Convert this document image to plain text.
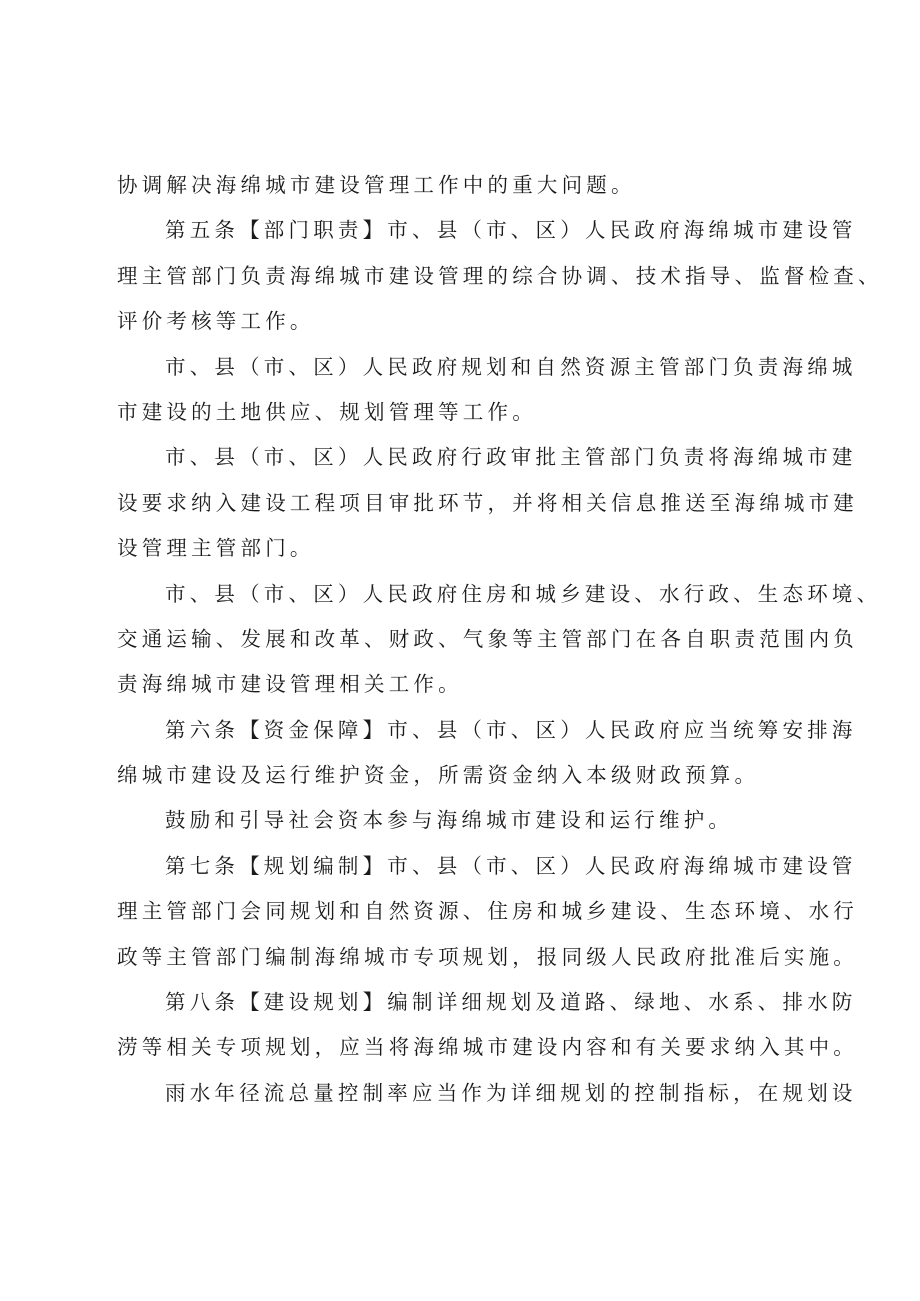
协调解决海绵城市建设管理工作中的重大问题。
第五条【部门职责】市、县（市、区）人民政府海绵城市建设管
理主管部门负责海绵城市建设管理的综合协调、技术指导、监督检查、
评价考核等工作。
市、县（市、区）人民政府规划和自然资源主管部门负责海绵城
市建设的土地供应、规划管理等工作。
市、县（市、区）人民政府行政审批主管部门负责将海绵城市建
设要求纳入建设工程项目审批环节，并将相关信息推送至海绵城市建
设管理主管部门。
市、县（市、区）人民政府住房和城乡建设、水行政、生态环境、
交通运输、发展和改革、财政、气象等主管部门在各自职责范围内负
责海绵城市建设管理相关工作。
第六条【资金保障】市、县（市、区）人民政府应当统筹安排海
绵城市建设及运行维护资金，所需资金纳入本级财政预算。
鼓励和引导社会资本参与海绵城市建设和运行维护。
第七条【规划编制】市、县（市、区）人民政府海绵城市建设管
理主管部门会同规划和自然资源、住房和城乡建设、生态环境、水行
政等主管部门编制海绵城市专项规划，报同级人民政府批准后实施。
第八条【建设规划】编制详细规划及道路、绿地、水系、排水防
涝等相关专项规划，应当将海绵城市建设内容和有关要求纳入其中。
雨水年径流总量控制率应当作为详细规划的控制指标，在规划设
